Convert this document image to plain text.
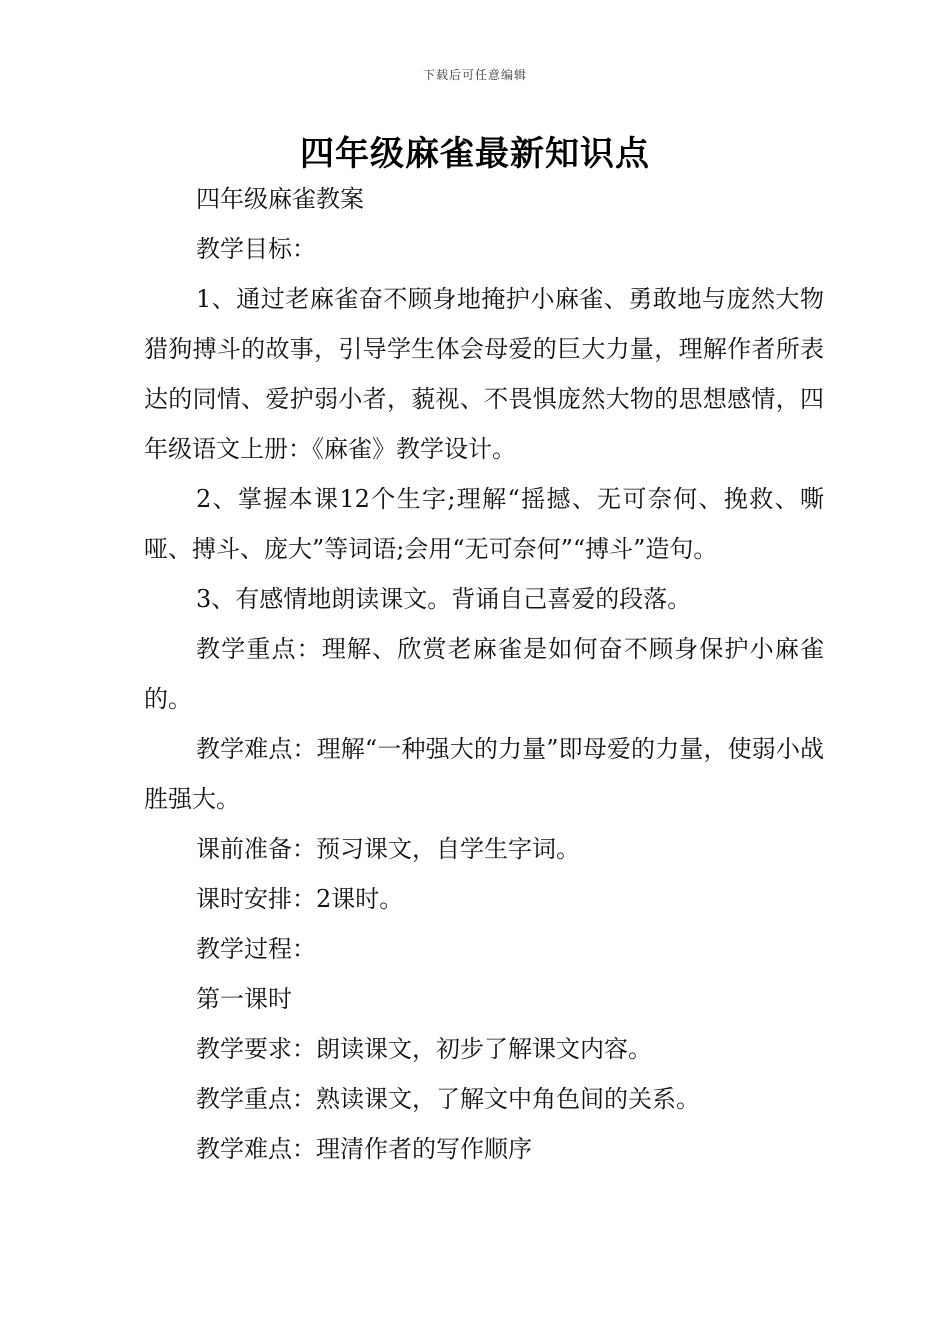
下载后可任意编辑
四年级麻雀最新知识点

四年级麻雀教案

教学目标：

1、通过老麻雀奋不顾身地掩护小麻雀、勇敢地与庞然大物猎狗搏斗的故事，引导学生体会母爱的巨大力量，理解作者所表达的同情、爱护弱小者，藐视、不畏惧庞然大物的思想感情，四年级语文上册：《麻雀》教学设计。

2、掌握本课12个生字;理解“摇撼、无可奈何、挽救、嘶哑、搏斗、庞大”等词语;会用“无可奈何”“搏斗”造句。

3、有感情地朗读课文。背诵自己喜爱的段落。

教学重点：理解、欣赏老麻雀是如何奋不顾身保护小麻雀的。

教学难点：理解“一种强大的力量”即母爱的力量，使弱小战胜强大。

课前准备：预习课文，自学生字词。

课时安排：2课时。

教学过程：

第一课时

教学要求：朗读课文，初步了解课文内容。

教学重点：熟读课文，了解文中角色间的关系。

教学难点：理清作者的写作顺序
